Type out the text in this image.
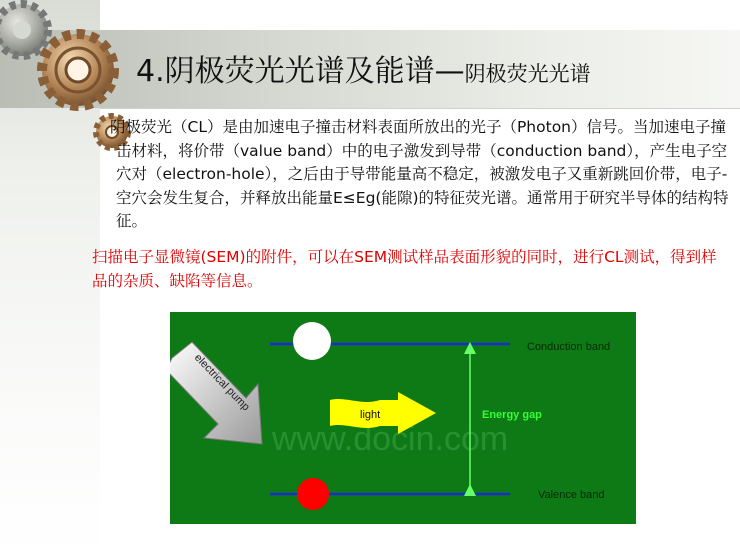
4.阴极荧光光谱及能谱—阴极荧光光谱
阴极荧光（CL）是由加速电子撞击材料表面所放出的光子（Photon）信号。当加速电子撞击材料，将价带（value band）中的电子激发到导带（conduction band），产生电子空穴对（electron-hole），之后由于导带能量高不稳定，被激发电子又重新跳回价带，电子-空穴会发生复合，并释放出能量E≤Eg(能隙)的特征荧光谱。通常用于研究半导体的结构特征。
扫描电子显微镜(SEM)的附件，可以在SEM测试样品表面形貌的同时，进行CL测试，得到样品的杂质、缺陷等信息。
www.docin.com
electrical pump
light
Conduction band
Energy gap
Valence band
